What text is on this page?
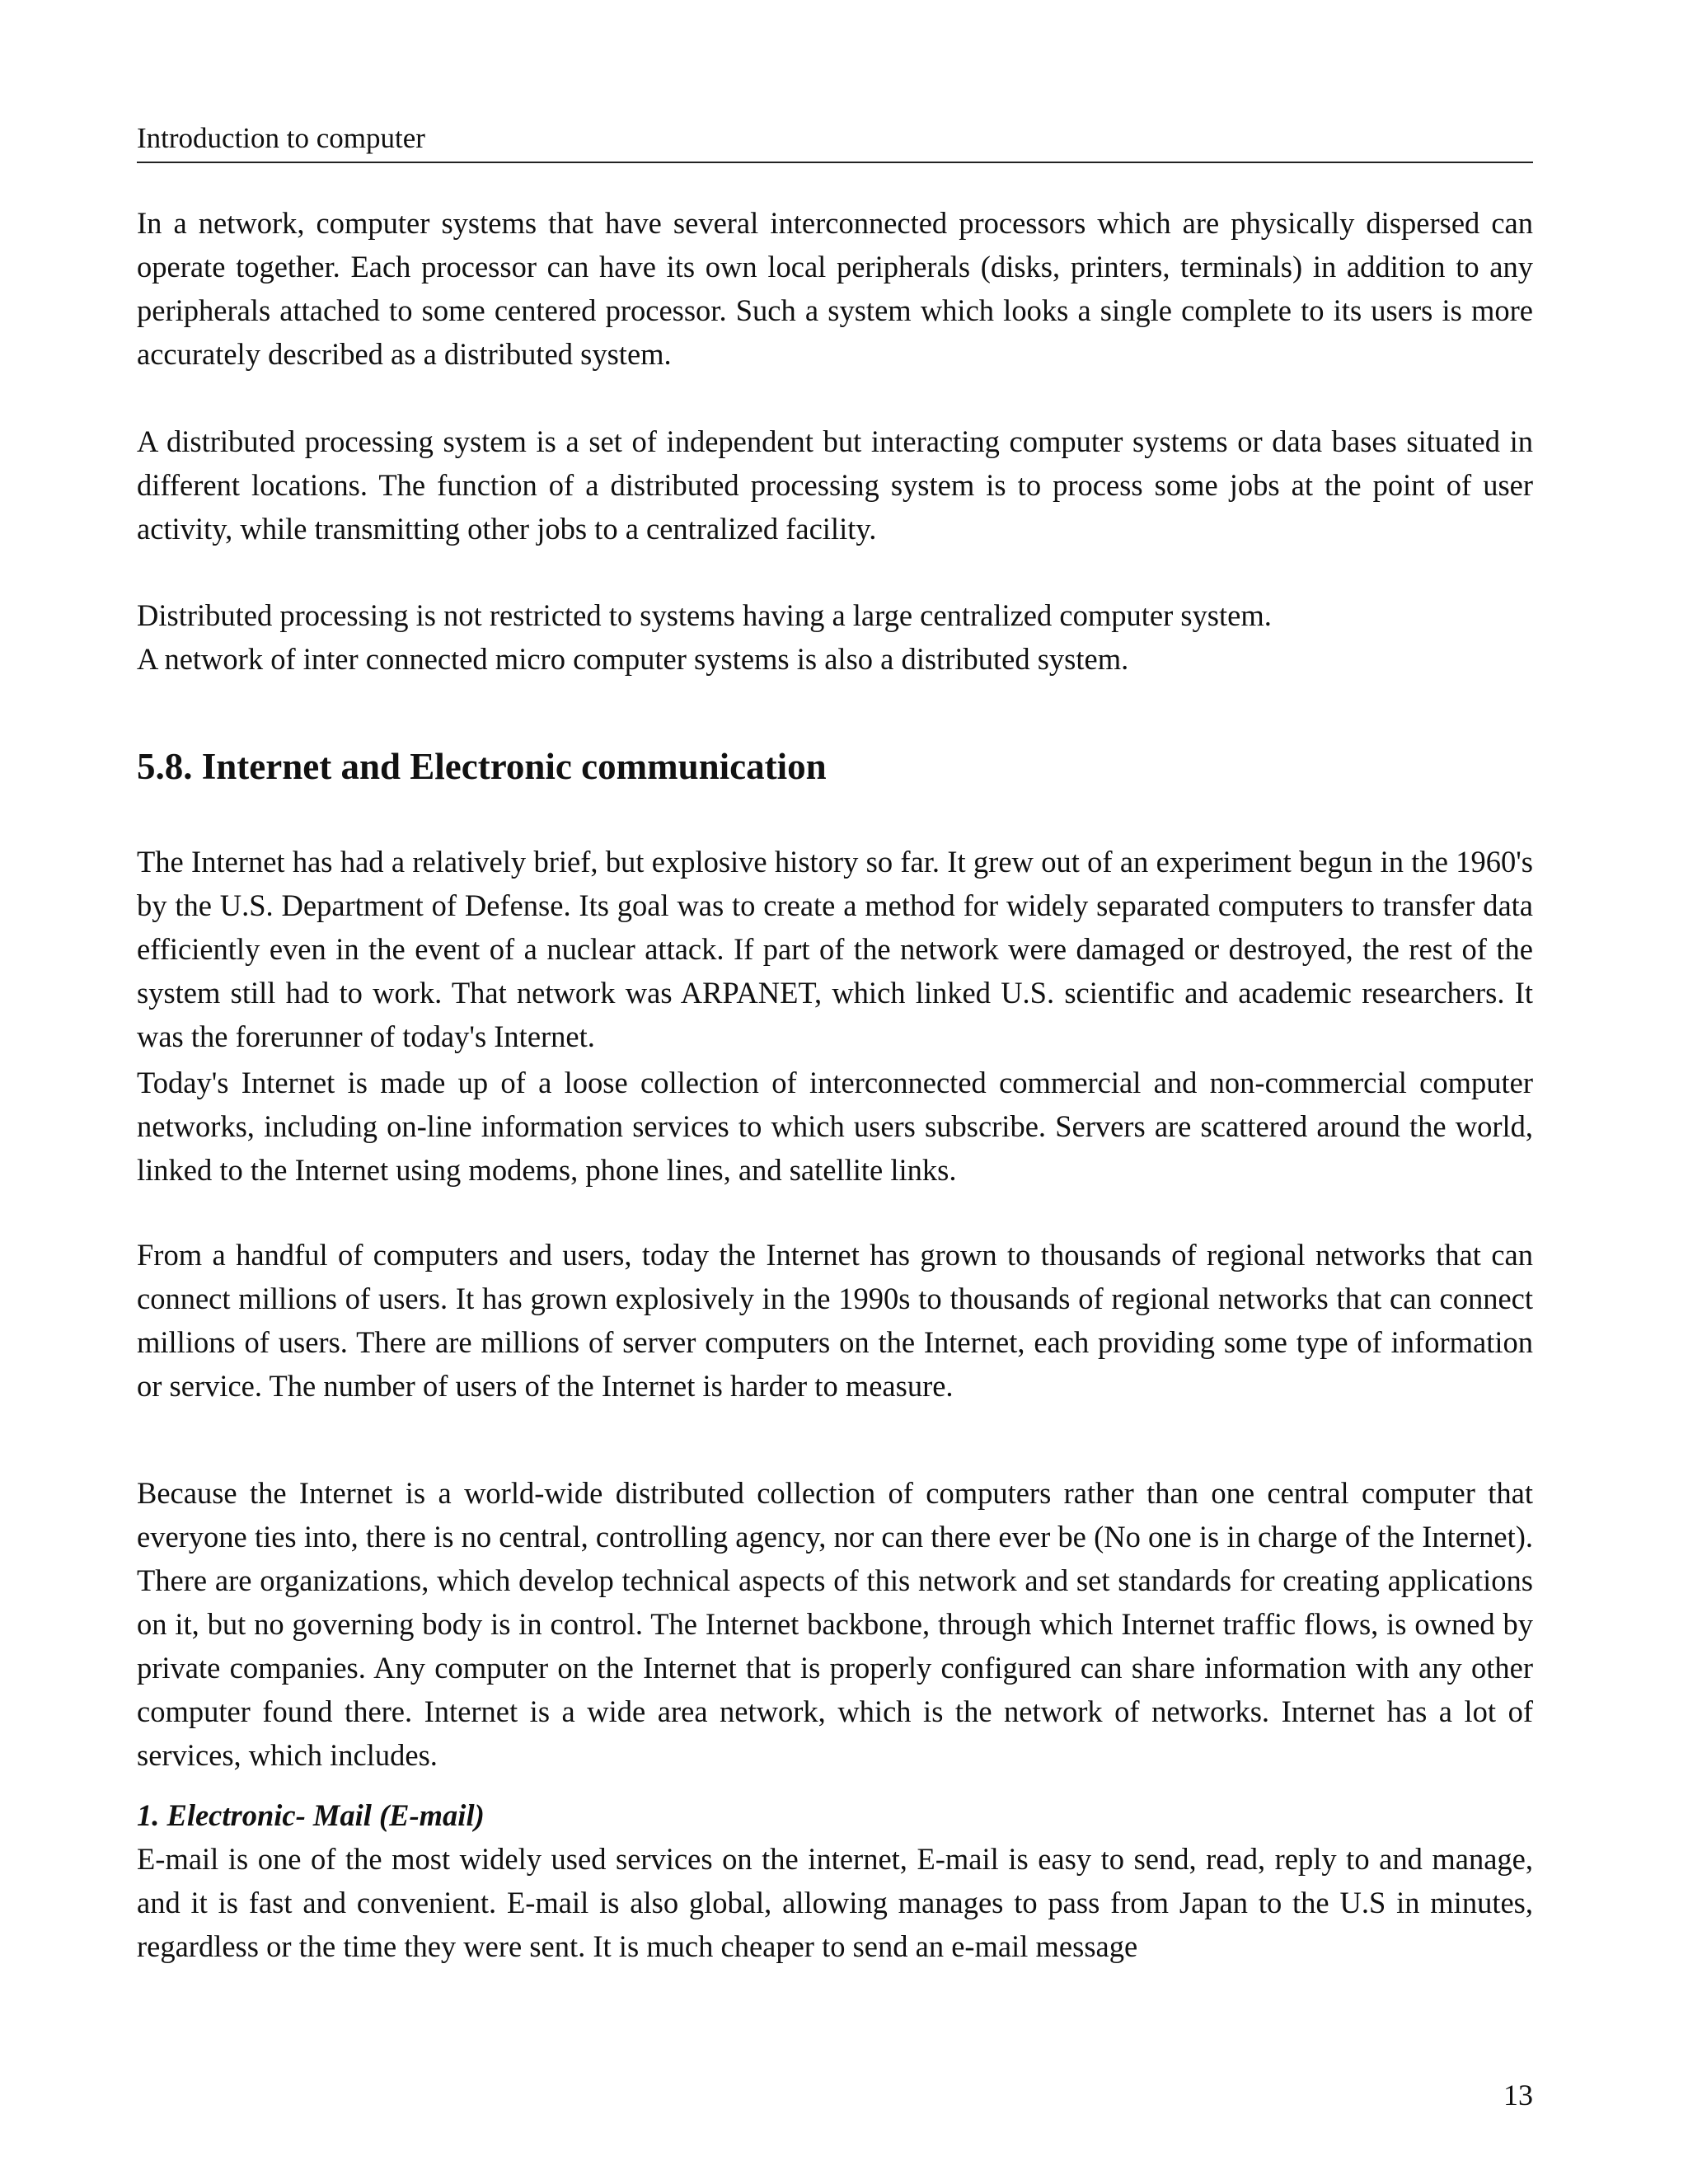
Introduction to computer

In a network, computer systems that have several interconnected processors which are physically dispersed can operate together. Each processor can have its own local peripherals (disks, printers, terminals) in addition to any peripherals attached to some centered processor. Such a system which looks a single complete to its users is more accurately described as a distributed system.

A distributed processing system is a set of independent but interacting computer systems or data bases situated in different locations. The function of a distributed processing system is to process some jobs at the point of user activity, while transmitting other jobs to a centralized facility.

Distributed processing is not restricted to systems having a large centralized computer system.

A network of inter connected micro computer systems is also a distributed system.

5.8. Internet and Electronic communication

The Internet has had a relatively brief, but explosive history so far. It grew out of an experiment begun in the 1960's by the U.S. Department of Defense. Its goal was to create a method for widely separated computers to transfer data efficiently even in the event of a nuclear attack. If part of the network were damaged or destroyed, the rest of the system still had to work. That network was ARPANET, which linked U.S. scientific and academic researchers. It was the forerunner of today's Internet.

Today's Internet is made up of a loose collection of interconnected commercial and non-commercial computer networks, including on-line information services to which users subscribe. Servers are scattered around the world, linked to the Internet using modems, phone lines, and satellite links.

From a handful of computers and users, today the Internet has grown to thousands of regional networks that can connect millions of users. It has grown explosively in the 1990s to thousands of regional networks that can connect millions of users. There are millions of server computers on the Internet, each providing some type of information or service. The number of users of the Internet is harder to measure.

Because the Internet is a world-wide distributed collection of computers rather than one central computer that everyone ties into, there is no central, controlling agency, nor can there ever be (No one is in charge of the Internet). There are organizations, which develop technical aspects of this network and set standards for creating applications on it, but no governing body is in control. The Internet backbone, through which Internet traffic flows, is owned by private companies. Any computer on the Internet that is properly configured can share information with any other computer found there. Internet is a wide area network, which is the network of networks. Internet has a lot of services, which includes.

1. Electronic- Mail (E-mail)

E-mail is one of the most widely used services on the internet, E-mail is easy to send, read, reply to and manage, and it is fast and convenient. E-mail is also global, allowing manages to pass from Japan to the U.S in minutes, regardless or the time they were sent. It is much cheaper to send an e-mail message

13
